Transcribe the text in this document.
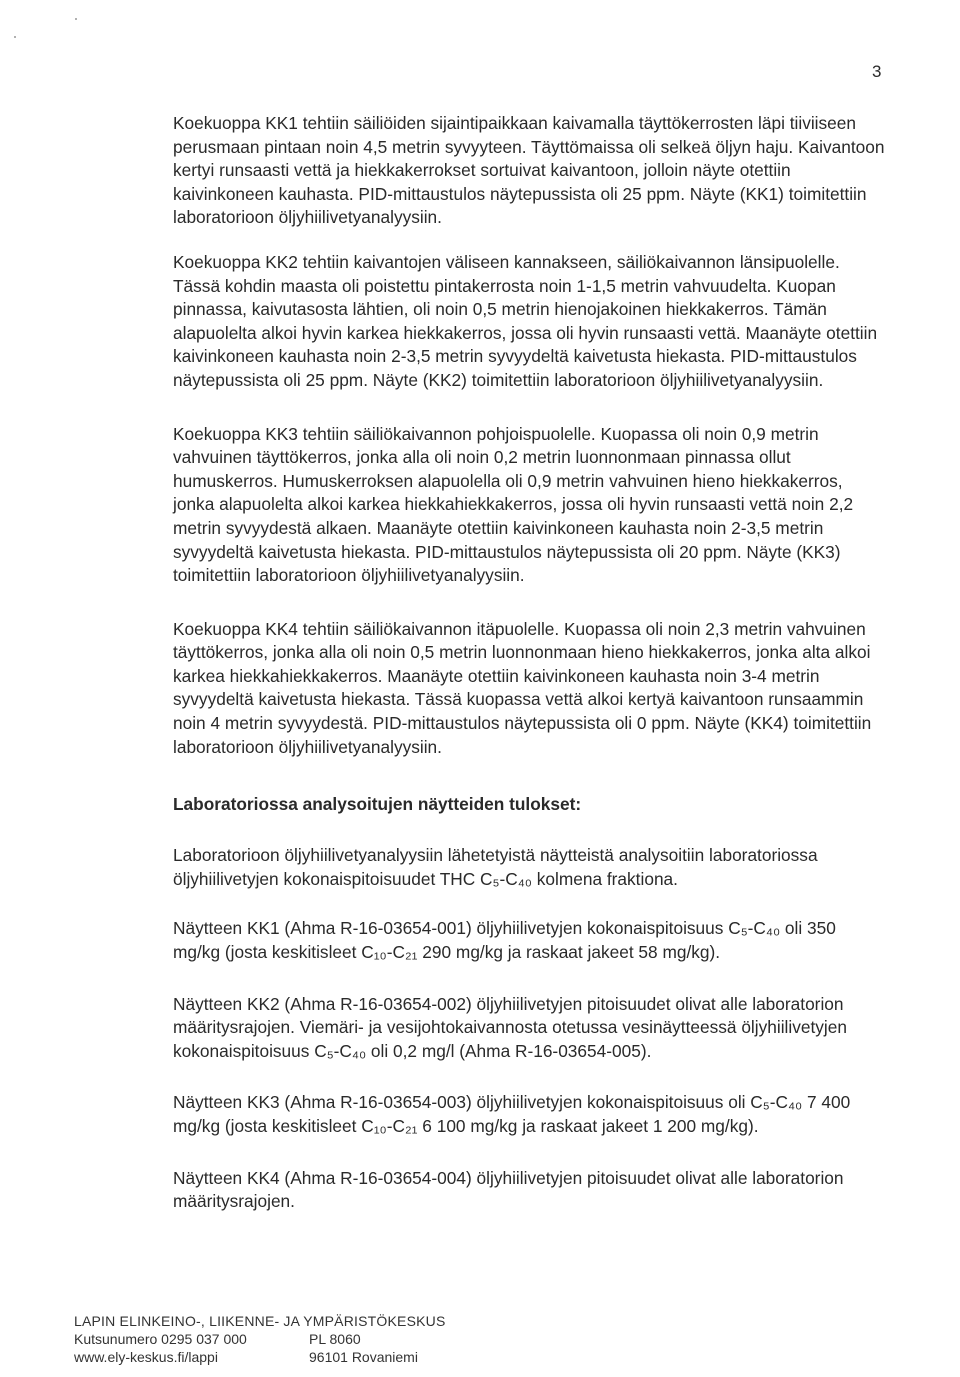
3

Koekuoppa KK1 tehtiin säiliöiden sijaintipaikkaan kaivamalla täyttökerrosten läpi tiiviiseen perusmaan pintaan noin 4,5 metrin syvyyteen. Täyttömaissa oli selkeä öljyn haju. Kaivantoon kertyi runsaasti vettä ja hiekkakerrokset sortuivat kaivantoon, jolloin näyte otettiin kaivinkoneen kauhasta. PID-mittaustulos näytepussista oli 25 ppm. Näyte (KK1) toimitettiin laboratorioon öljyhiilivetyanalyysiin.

Koekuoppa KK2 tehtiin kaivantojen väliseen kannakseen, säiliökaivannon länsipuolelle. Tässä kohdin maasta oli poistettu pintakerrosta noin 1-1,5 metrin vahvuudelta. Kuopan pinnassa, kaivutasosta lähtien, oli noin 0,5 metrin hienojakoinen hiekkakerros. Tämän alapuolelta alkoi hyvin karkea hiekkakerros, jossa oli hyvin runsaasti vettä. Maanäyte otettiin kaivinkoneen kauhasta noin 2-3,5 metrin syvyydeltä kaivetusta hiekasta. PID-mittaustulos näytepussista oli 25 ppm. Näyte (KK2) toimitettiin laboratorioon öljyhiilivetyanalyysiin.

Koekuoppa KK3 tehtiin säiliökaivannon pohjoispuolelle. Kuopassa oli noin 0,9 metrin vahvuinen täyttökerros, jonka alla oli noin 0,2 metrin luonnonmaan pinnassa ollut humuskerros. Humuskerroksen alapuolella oli 0,9 metrin vahvuinen hieno hiekkakerros, jonka alapuolelta alkoi karkea hiekkahiekkakerros, jossa oli hyvin runsaasti vettä noin 2,2 metrin syvyydestä alkaen. Maanäyte otettiin kaivinkoneen kauhasta noin 2-3,5 metrin syvyydeltä kaivetusta hiekasta. PID-mittaustulos näytepussista oli 20 ppm. Näyte (KK3) toimitettiin laboratorioon öljyhiilivetyanalyysiin.

Koekuoppa KK4 tehtiin säiliökaivannon itäpuolelle. Kuopassa oli noin 2,3 metrin vahvuinen täyttökerros, jonka alla oli noin 0,5 metrin luonnonmaan hieno hiekkakerros, jonka alta alkoi karkea hiekkahiekkakerros. Maanäyte otettiin kaivinkoneen kauhasta noin 3-4 metrin syvyydeltä kaivetusta hiekasta. Tässä kuopassa vettä alkoi kertyä kaivantoon runsaammin noin 4 metrin syvyydestä. PID-mittaustulos näytepussista oli 0 ppm. Näyte (KK4) toimitettiin laboratorioon öljyhiilivetyanalyysiin.

Laboratoriossa analysoitujen näytteiden tulokset:

Laboratorioon öljyhiilivetyanalyysiin lähetetyistä näytteistä analysoitiin laboratoriossa öljyhiilivetyjen kokonaispitoisuudet THC C₅-C₄₀ kolmena fraktiona.

Näytteen KK1 (Ahma R-16-03654-001) öljyhiilivetyjen kokonaispitoisuus C₅-C₄₀ oli 350 mg/kg (josta keskitisleet C₁₀-C₂₁ 290 mg/kg ja raskaat jakeet 58 mg/kg).

Näytteen KK2 (Ahma R-16-03654-002) öljyhiilivetyjen pitoisuudet olivat alle laboratorion määritysrajojen. Viemäri- ja vesijohtokaivannosta otetussa vesinäytteessä öljyhiilivetyjen kokonaispitoisuus C₅-C₄₀ oli 0,2 mg/l (Ahma R-16-03654-005).

Näytteen KK3 (Ahma R-16-03654-003) öljyhiilivetyjen kokonaispitoisuus oli C₅-C₄₀ 7 400 mg/kg (josta keskitisleet C₁₀-C₂₁ 6 100 mg/kg ja raskaat jakeet 1 200 mg/kg).

Näytteen KK4 (Ahma R-16-03654-004) öljyhiilivetyjen pitoisuudet olivat alle laboratorion määritysrajojen.

LAPIN ELINKEINO-, LIIKENNE- JA YMPÄRISTÖKESKUS
Kutsunumero 0295 037 000	PL 8060
www.ely-keskus.fi/lappi	96101 Rovaniemi
